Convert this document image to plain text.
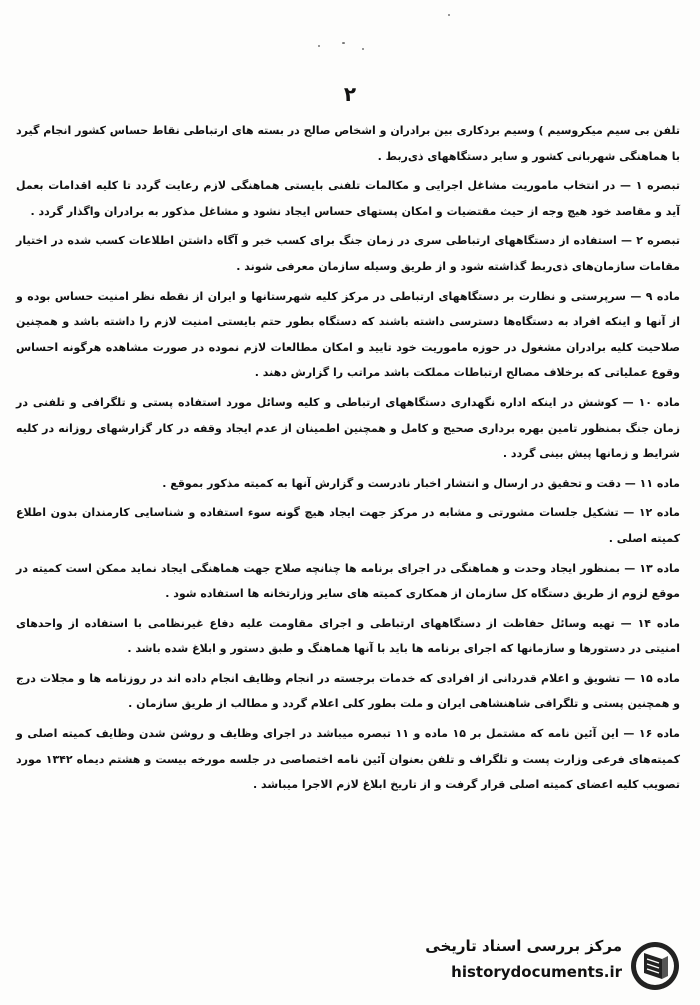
۲

تلفن بی سیم میکروسیم ) وسیم بردکاری بین برادران و اشخاص صالح در بسته های ارتباطی نقاط حساس کشور انجام گیرد با هماهنگی شهربانی کشور و سایر دستگاههای ذی‌ربط .

تبصره ۱ — در انتخاب ماموریت مشاغل اجرایی و مکالمات تلفنی بایستی هماهنگی لازم رعایت گردد تا کلیه اقدامات بعمل آید و مقاصد خود هیچ وجه از حیث مقتضیات و امکان پستهای حساس ایجاد نشود و مشاغل مذکور به برادران واگذار گردد .

تبصره ۲ — استفاده از دستگاههای ارتباطی سری در زمان جنگ برای کسب خبر و آگاه داشتن اطلاعات کسب شده در اختیار مقامات سازمان‌های ذی‌ربط گذاشته شود و از طریق وسیله سازمان معرفی شوند .

ماده ۹ — سرپرستی و نظارت بر دستگاههای ارتباطی در مرکز کلیه شهرستانها و ایران از نقطه نظر امنیت حساس بوده و از آنها و اینکه افراد به دستگاه‌ها دسترسی داشته باشند که دستگاه بطور حتم بایستی امنیت لازم را داشته باشد و همچنین صلاحیت کلیه برادران مشغول در حوزه ماموریت خود تایید و امکان مطالعات لازم نموده در صورت مشاهده هرگونه احساس وقوع عملیاتی که برخلاف مصالح ارتباطات مملکت باشد مراتب را گزارش دهند .

ماده ۱۰ — کوشش در اینکه اداره نگهداری دستگاههای ارتباطی و کلیه وسائل مورد استفاده پستی و تلگرافی و تلفنی در زمان جنگ بمنظور تامین بهره برداری صحیح و کامل و همچنین اطمینان از عدم ایجاد وقفه در کار گزارشهای روزانه در کلیه شرایط و زمانها پیش بینی گردد .

ماده ۱۱ — دقت و تحقیق در ارسال و انتشار اخبار نادرست و گزارش آنها به کمیته مذکور بموقع .

ماده ۱۲ — تشکیل جلسات مشورتی و مشابه در مرکز جهت ایجاد هیچ گونه سوء استفاده و شناسایی کارمندان بدون اطلاع کمیته اصلی .

ماده ۱۳ — بمنظور ایجاد وحدت و هماهنگی در اجرای برنامه ها چنانچه صلاح جهت هماهنگی ایجاد نماید ممکن است کمیته در موقع لزوم از طریق دستگاه کل سازمان از همکاری کمیته های سایر وزارتخانه ها استفاده شود .

ماده ۱۴ — تهیه وسائل حفاظت از دستگاههای ارتباطی و اجرای مقاومت علیه دفاع غیرنظامی با استفاده از واحدهای امنیتی در دستورها و سازمانها که اجرای برنامه ها باید با آنها هماهنگ و طبق دستور و ابلاغ شده باشد .

ماده ۱۵ — تشویق و اعلام قدردانی از افرادی که خدمات برجسته در انجام وظایف انجام داده اند در روزنامه ها و مجلات درج و همچنین پستی و تلگرافی شاهنشاهی ایران و ملت بطور کلی اعلام گردد و مطالب از طریق سازمان .

ماده ۱۶ — این آئین نامه که مشتمل بر ۱۵ ماده و ۱۱ تبصره میباشد در اجرای وظایف و روشن شدن وظایف کمیته اصلی و کمیته‌های فرعی وزارت پست و تلگراف و تلفن بعنوان آئین نامه اختصاصی در جلسه مورخه بیست و هشتم دیماه ۱۳۴۲ مورد تصویب کلیه اعضای کمیته اصلی قرار گرفت و از تاریخ ابلاغ لازم الاجرا میباشد .

مرکز بررسی اسناد تاریخی
historydocuments.ir
